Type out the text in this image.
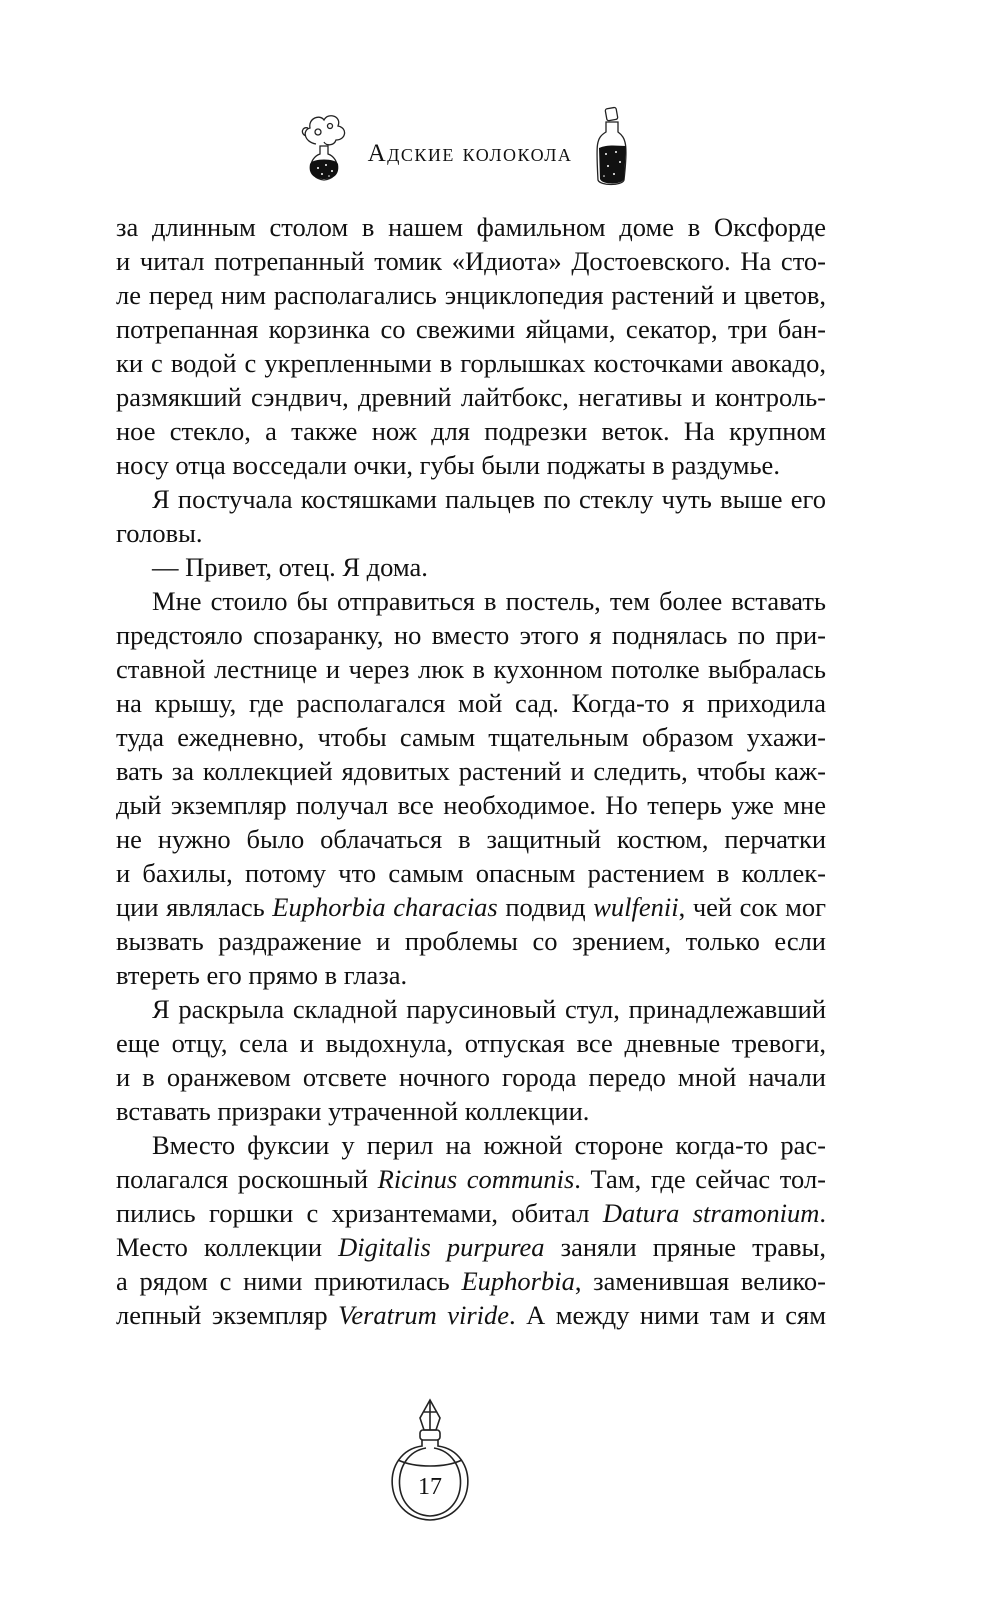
Адские колокола
за длинным столом в нашем фамильном доме в Оксфорде
и читал потрепанный томик «Идиота» Достоевского. На сто-
ле перед ним располагались энциклопедия растений и цветов,
потрепанная корзинка со свежими яйцами, секатор, три бан-
ки с водой с укрепленными в горлышках косточками авокадо,
размякший сэндвич, древний лайтбокс, негативы и контроль-
ное стекло, а также нож для подрезки веток. На крупном
носу отца восседали очки, губы были поджаты в раздумье.
Я постучала костяшками пальцев по стеклу чуть выше его
головы.
— Привет, отец. Я дома.
Мне стоило бы отправиться в постель, тем более вставать
предстояло спозаранку, но вместо этого я поднялась по при-
ставной лестнице и через люк в кухонном потолке выбралась
на крышу, где располагался мой сад. Когда-то я приходила
туда ежедневно, чтобы самым тщательным образом ухажи-
вать за коллекцией ядовитых растений и следить, чтобы каж-
дый экземпляр получал все необходимое. Но теперь уже мне
не нужно было облачаться в защитный костюм, перчатки
и бахилы, потому что самым опасным растением в коллек-
ции являлась Euphorbia characias подвид wulfenii, чей сок мог
вызвать раздражение и проблемы со зрением, только если
втереть его прямо в глаза.
Я раскрыла складной парусиновый стул, принадлежавший
еще отцу, села и выдохнула, отпуская все дневные тревоги,
и в оранжевом отсвете ночного города передо мной начали
вставать призраки утраченной коллекции.
Вместо фуксии у перил на южной стороне когда-то рас-
полагался роскошный Ricinus communis. Там, где сейчас тол-
пились горшки с хризантемами, обитал Datura stramonium.
Место коллекции Digitalis purpurea заняли пряные травы,
а рядом с ними приютилась Euphorbia, заменившая велико-
лепный экземпляр Veratrum viride. А между ними там и сям
17
